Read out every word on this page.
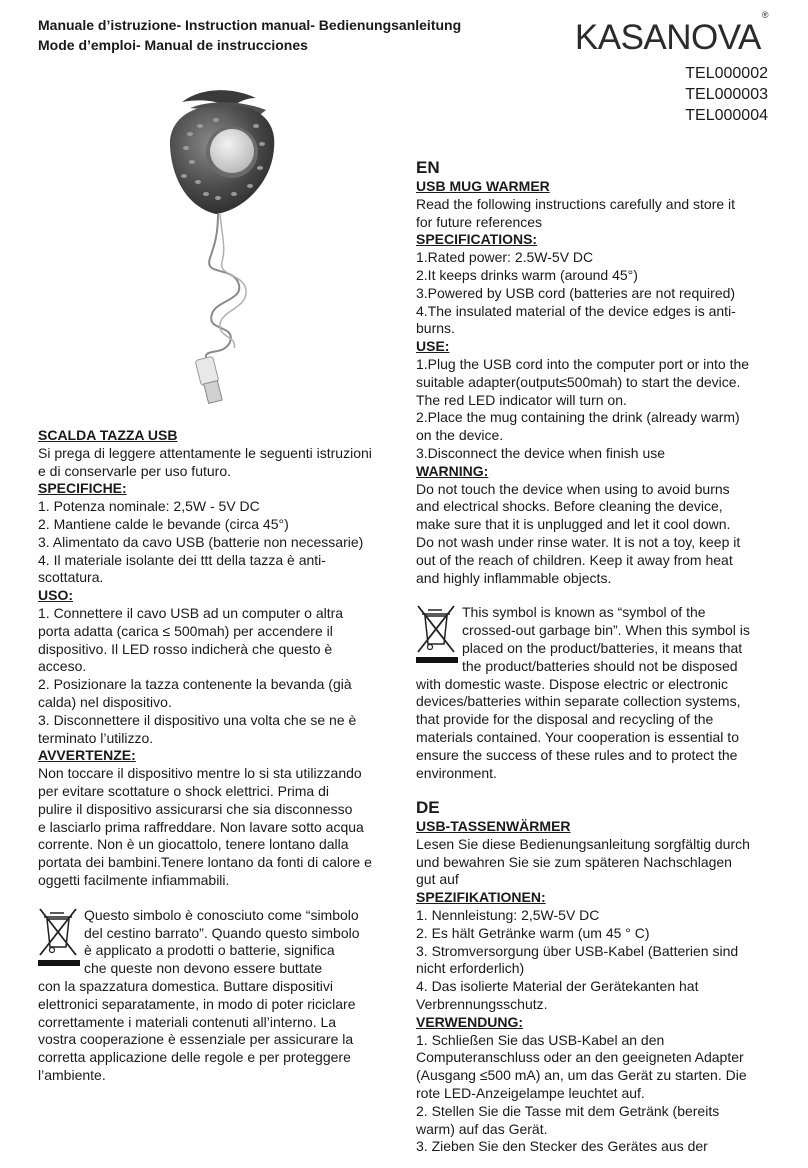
Manuale d’istruzione- Instruction manual- Bedienungsanleitung
Mode d’emploi- Manual de instrucciones	KASANOVA®
TEL000002
TEL000003
TEL000004
SCALDA TAZZA USB
Si prega di leggere attentamente le seguenti istruzioni
e di conservarle per uso futuro.
SPECIFICHE:
1. Potenza nominale: 2,5W - 5V DC
2. Mantiene calde le bevande (circa 45°)
3. Alimentato da cavo USB (batterie non necessarie)
4. Il materiale isolante dei ttt della tazza è anti-
scottatura.
USO:
1. Connettere il cavo USB ad un computer o altra
porta adatta (carica ≤ 500mah) per accendere il
dispositivo. Il LED rosso indicherà che questo è
acceso.
2. Posizionare la tazza contenente la bevanda (già
calda) nel dispositivo.
3. Disconnettere il dispositivo una volta che se ne è
terminato l’utilizzo.
AVVERTENZE:
Non toccare il dispositivo mentre lo si sta utilizzando
per evitare scottature o shock elettrici. Prima di
pulire il dispositivo assicurarsi che sia disconnesso
e lasciarlo prima raffreddare. Non lavare sotto acqua
corrente. Non è un giocattolo, tenere lontano dalla
portata dei bambini.Tenere lontano da fonti di calore e
oggetti facilmente infiammabili.
Questo simbolo è conosciuto come “simbolo
del cestino barrato”. Quando questo simbolo
è applicato a prodotti o batterie, significa
che queste non devono essere buttate
con la spazzatura domestica. Buttare dispositivi
elettronici separatamente, in modo di poter riciclare
correttamente i materiali contenuti all’interno. La
vostra cooperazione è essenziale per assicurare la
corretta applicazione delle regole e per proteggere
l’ambiente.
EN
USB MUG WARMER
Read the following instructions carefully and store it
for future references
SPECIFICATIONS:
1.Rated power: 2.5W-5V DC
2.It keeps drinks warm (around 45°)
3.Powered by USB cord (batteries are not required)
4.The insulated material of the device edges is anti-
burns.
USE:
1.Plug the USB cord into the computer port or into the
suitable adapter(output≤500mah) to start the device.
The red LED indicator will turn on.
2.Place the mug containing the drink (already warm)
on the device.
3.Disconnect the device when finish use
WARNING:
Do not touch the device when using to avoid burns
and electrical shocks. Before cleaning the device,
make sure that it is unplugged and let it cool down.
Do not wash under rinse water. It is not a toy, keep it
out of the reach of children. Keep it away from heat
and highly inflammable objects.
This symbol is known as “symbol of the
crossed-out garbage bin”. When this symbol is
placed on the product/batteries, it means that
the product/batteries should not be disposed
with domestic waste. Dispose electric or electronic
devices/batteries within separate collection systems,
that provide for the disposal and recycling of the
materials contained. Your cooperation is essential to
ensure the success of these rules and to protect the
environment.
DE
USB-TASSENWÄRMER
Lesen Sie diese Bedienungsanleitung sorgfältig durch
und bewahren Sie sie zum späteren Nachschlagen
gut auf
SPEZIFIKATIONEN:
1. Nennleistung: 2,5W-5V DC
2. Es hält Getränke warm (um 45 ° C)
3. Stromversorgung über USB-Kabel (Batterien sind
nicht erforderlich)
4. Das isolierte Material der Gerätekanten hat
Verbrennungsschutz.
VERWENDUNG:
1. Schließen Sie das USB-Kabel an den
Computeranschluss oder an den geeigneten Adapter
(Ausgang ≤500 mA) an, um das Gerät zu starten. Die
rote LED-Anzeigelampe leuchtet auf.
2. Stellen Sie die Tasse mit dem Getränk (bereits
warm) auf das Gerät.
3. Zieben Sie den Stecker des Gerätes aus der
